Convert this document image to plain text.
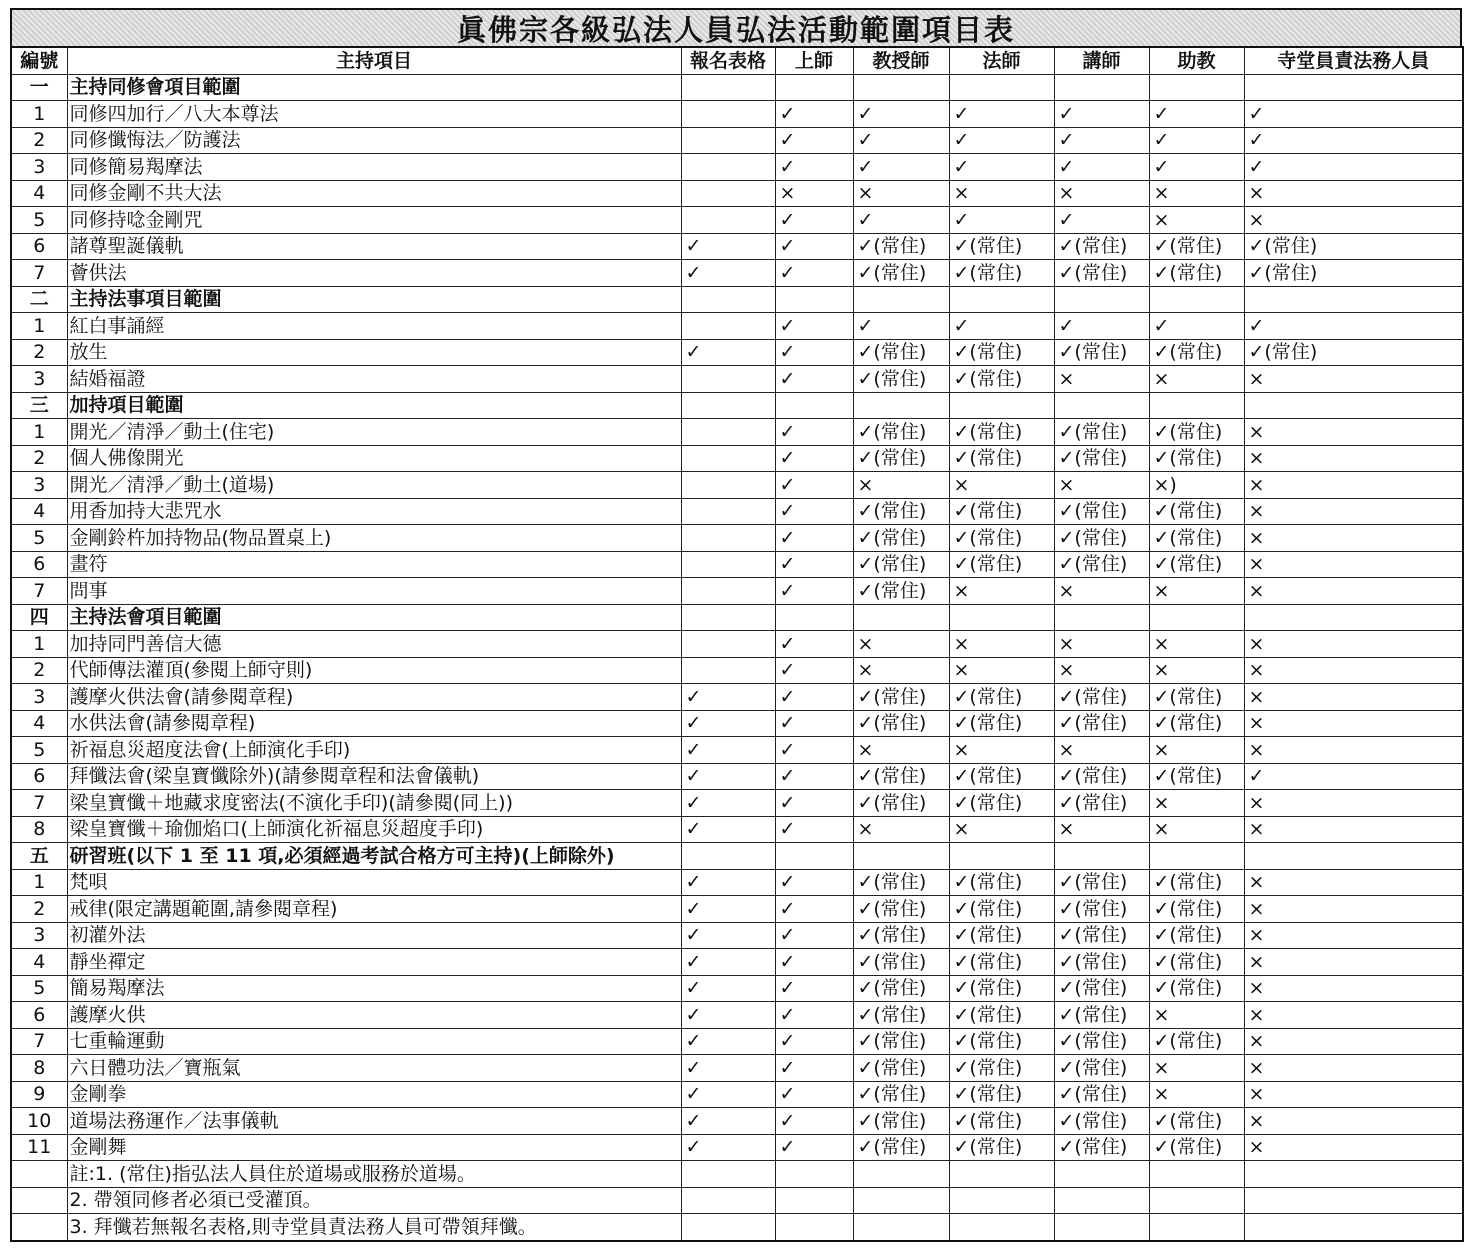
眞佛宗各級弘法人員弘法活動範圍項目表
編號	主持項目	報名表格	上師	教授師	法師	講師	助教	寺堂員責法務人員
一	主持同修會項目範圍							
1	同修四加行／八大本尊法		✓	✓	✓	✓	✓	✓
2	同修懺悔法／防護法		✓	✓	✓	✓	✓	✓
3	同修簡易羯摩法		✓	✓	✓	✓	✓	✓
4	同修金剛不共大法		×	×	×	×	×	×
5	同修持唸金剛咒		✓	✓	✓	✓	×	×
6	諸尊聖誕儀軌	✓	✓	✓(常住)	✓(常住)	✓(常住)	✓(常住)	✓(常住)
7	薈供法	✓	✓	✓(常住)	✓(常住)	✓(常住)	✓(常住)	✓(常住)
二	主持法事項目範圍							
1	紅白事誦經		✓	✓	✓	✓	✓	✓
2	放生	✓	✓	✓(常住)	✓(常住)	✓(常住)	✓(常住)	✓(常住)
3	結婚福證		✓	✓(常住)	✓(常住)	×	×	×
三	加持項目範圍							
1	開光／清淨／動土(住宅)		✓	✓(常住)	✓(常住)	✓(常住)	✓(常住)	×
2	個人佛像開光		✓	✓(常住)	✓(常住)	✓(常住)	✓(常住)	×
3	開光／清淨／動土(道場)		✓	×	×	×	×)	×
4	用香加持大悲咒水		✓	✓(常住)	✓(常住)	✓(常住)	✓(常住)	×
5	金剛鈴杵加持物品(物品置桌上)		✓	✓(常住)	✓(常住)	✓(常住)	✓(常住)	×
6	畫符		✓	✓(常住)	✓(常住)	✓(常住)	✓(常住)	×
7	問事		✓	✓(常住)	×	×	×	×
四	主持法會項目範圍							
1	加持同門善信大德		✓	×	×	×	×	×
2	代師傳法灌頂(參閱上師守則)		✓	×	×	×	×	×
3	護摩火供法會(請參閱章程)	✓	✓	✓(常住)	✓(常住)	✓(常住)	✓(常住)	×
4	水供法會(請參閱章程)	✓	✓	✓(常住)	✓(常住)	✓(常住)	✓(常住)	×
5	祈福息災超度法會(上師演化手印)	✓	✓	×	×	×	×	×
6	拜懺法會(梁皇寶懺除外)(請參閱章程和法會儀軌)	✓	✓	✓(常住)	✓(常住)	✓(常住)	✓(常住)	✓
7	梁皇寶懺＋地藏求度密法(不演化手印)(請參閱(同上))	✓	✓	✓(常住)	✓(常住)	✓(常住)	×	×
8	梁皇寶懺＋瑜伽焰口(上師演化祈福息災超度手印)	✓	✓	×	×	×	×	×
五	研習班(以下 1 至 11 項,必須經過考試合格方可主持)(上師除外)							
1	梵唄	✓	✓	✓(常住)	✓(常住)	✓(常住)	✓(常住)	×
2	戒律(限定講題範圍,請參閱章程)	✓	✓	✓(常住)	✓(常住)	✓(常住)	✓(常住)	×
3	初灌外法	✓	✓	✓(常住)	✓(常住)	✓(常住)	✓(常住)	×
4	靜坐禪定	✓	✓	✓(常住)	✓(常住)	✓(常住)	✓(常住)	×
5	簡易羯摩法	✓	✓	✓(常住)	✓(常住)	✓(常住)	✓(常住)	×
6	護摩火供	✓	✓	✓(常住)	✓(常住)	✓(常住)	×	×
7	七重輪運動	✓	✓	✓(常住)	✓(常住)	✓(常住)	✓(常住)	×
8	六日體功法／寶瓶氣	✓	✓	✓(常住)	✓(常住)	✓(常住)	×	×
9	金剛拳	✓	✓	✓(常住)	✓(常住)	✓(常住)	×	×
10	道場法務運作／法事儀軌	✓	✓	✓(常住)	✓(常住)	✓(常住)	✓(常住)	×
11	金剛舞	✓	✓	✓(常住)	✓(常住)	✓(常住)	✓(常住)	×
	註:1. (常住)指弘法人員住於道場或服務於道場。							
	2. 帶領同修者必須已受灌頂。							
	3. 拜懺若無報名表格,則寺堂員責法務人員可帶領拜懺。							
